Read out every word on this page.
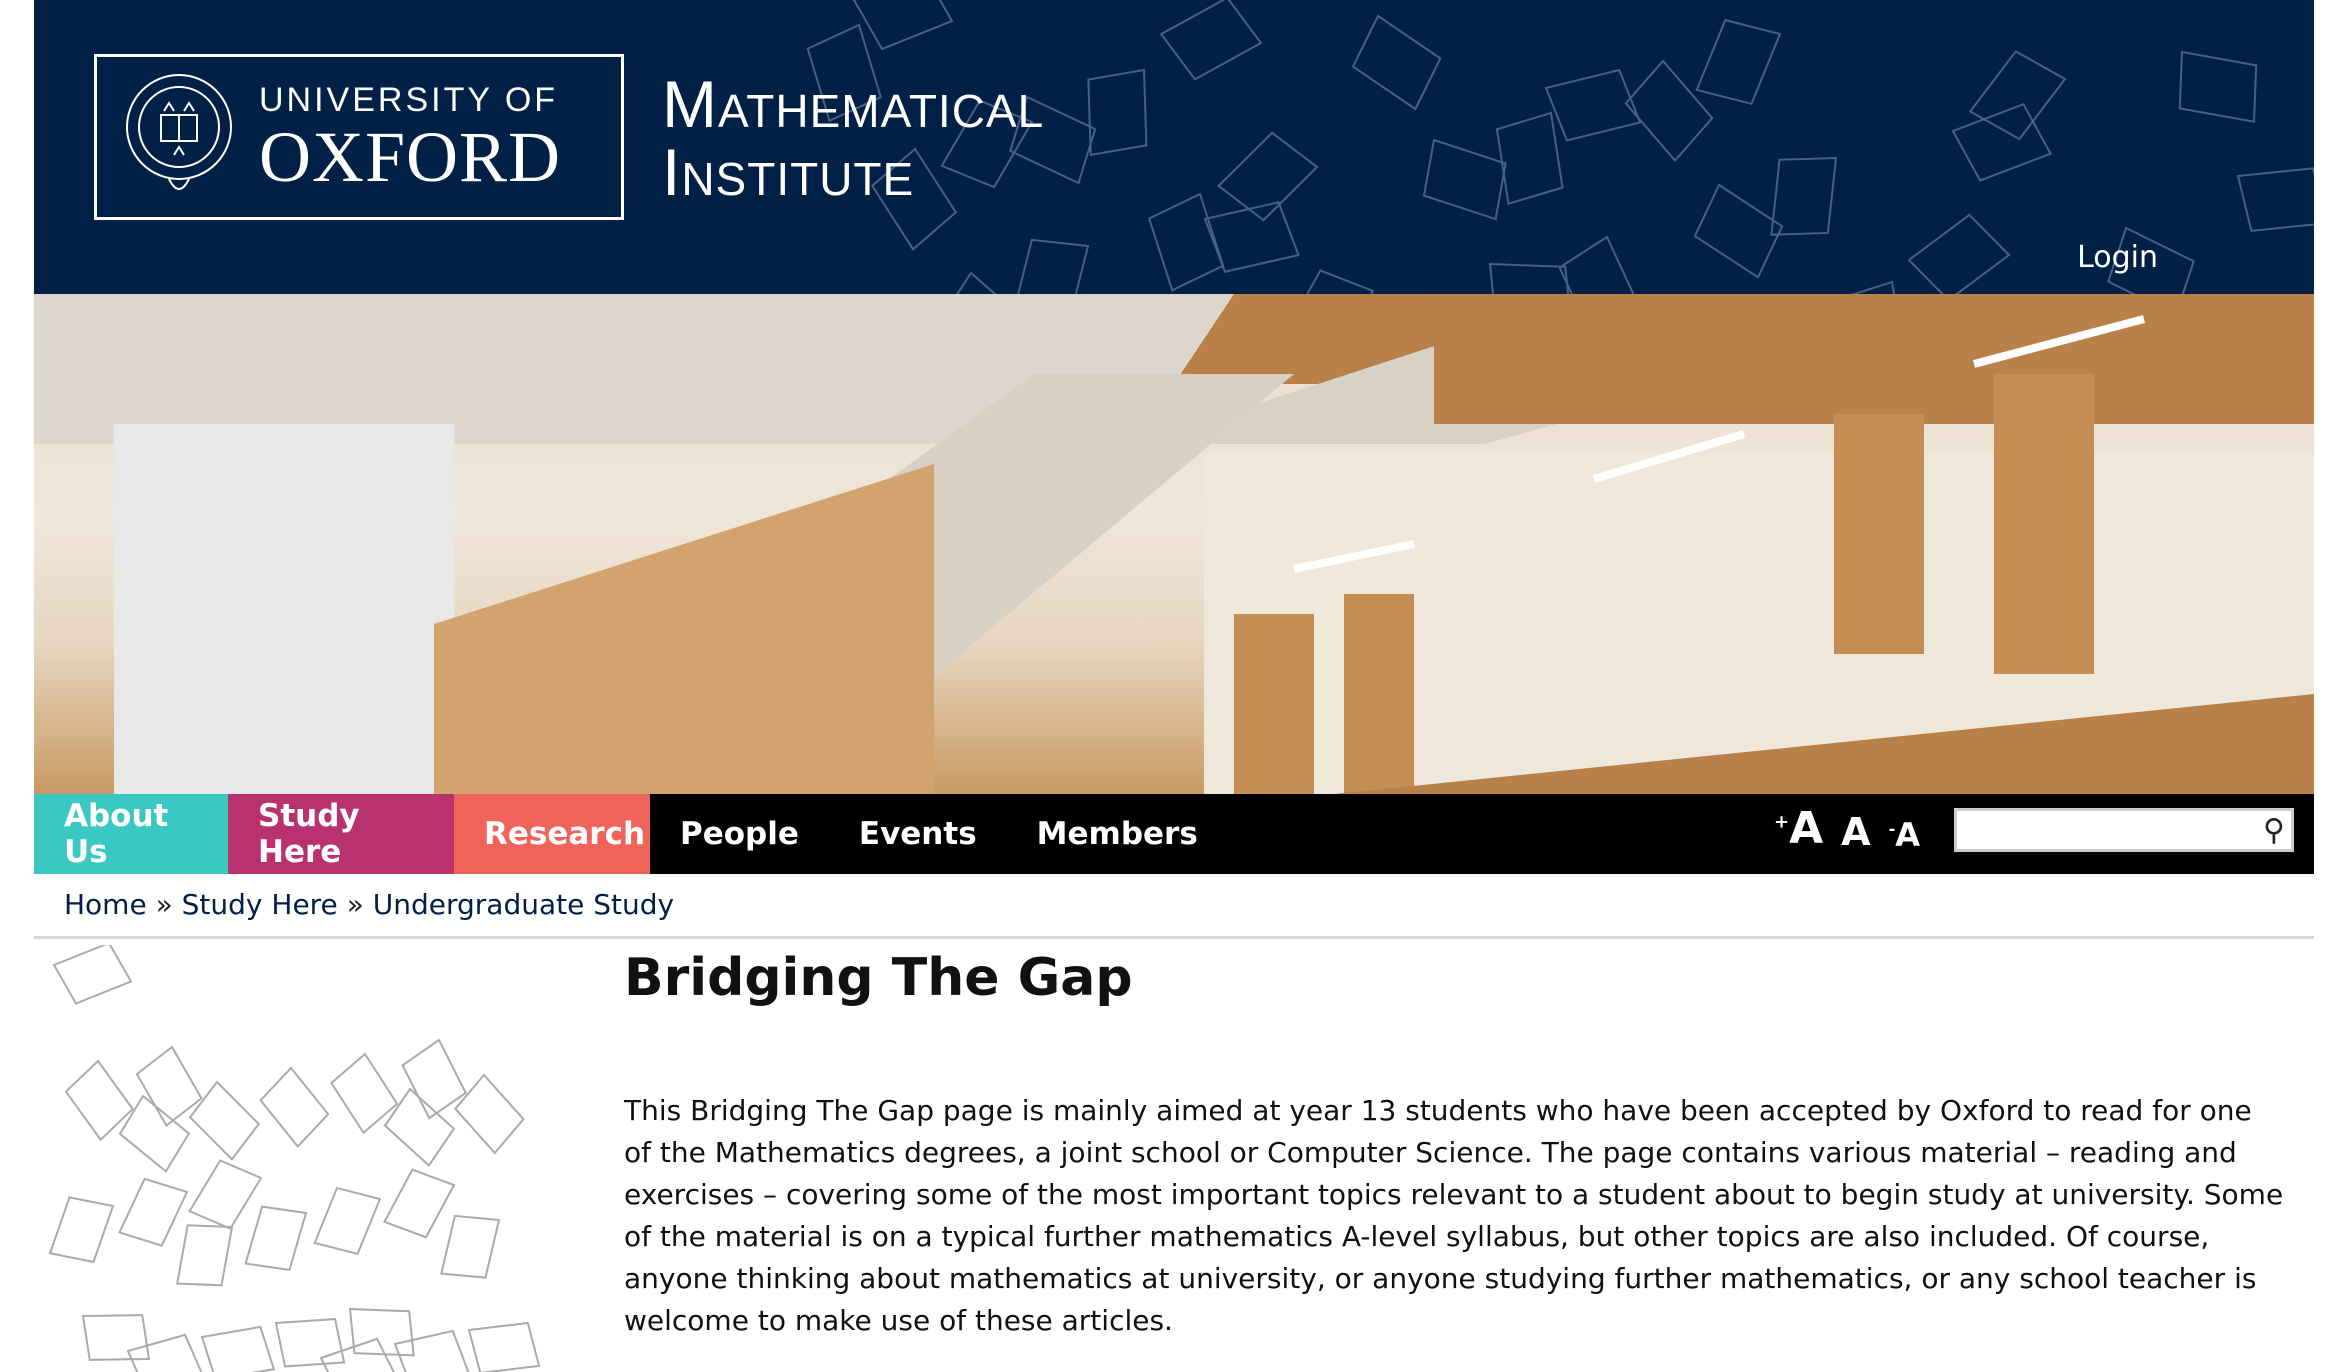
UNIVERSITY OF
OXFORD
Mathematical
Institute
Login
About Us
Study Here	Research	People	Events	Members	+A A -A	⚲
Home » Study Here » Undergraduate Study
Bridging The Gap

This Bridging The Gap page is mainly aimed at year 13 students who have been accepted by Oxford to read for one of the Mathematics degrees, a joint school or Computer Science. The page contains various material – reading and exercises – covering some of the most important topics relevant to a student about to begin study at university. Some of the material is on a typical further mathematics A-level syllabus, but other topics are also included. Of course, anyone thinking about mathematics at university, or anyone studying further mathematics, or any school teacher is welcome to make use of these articles.
